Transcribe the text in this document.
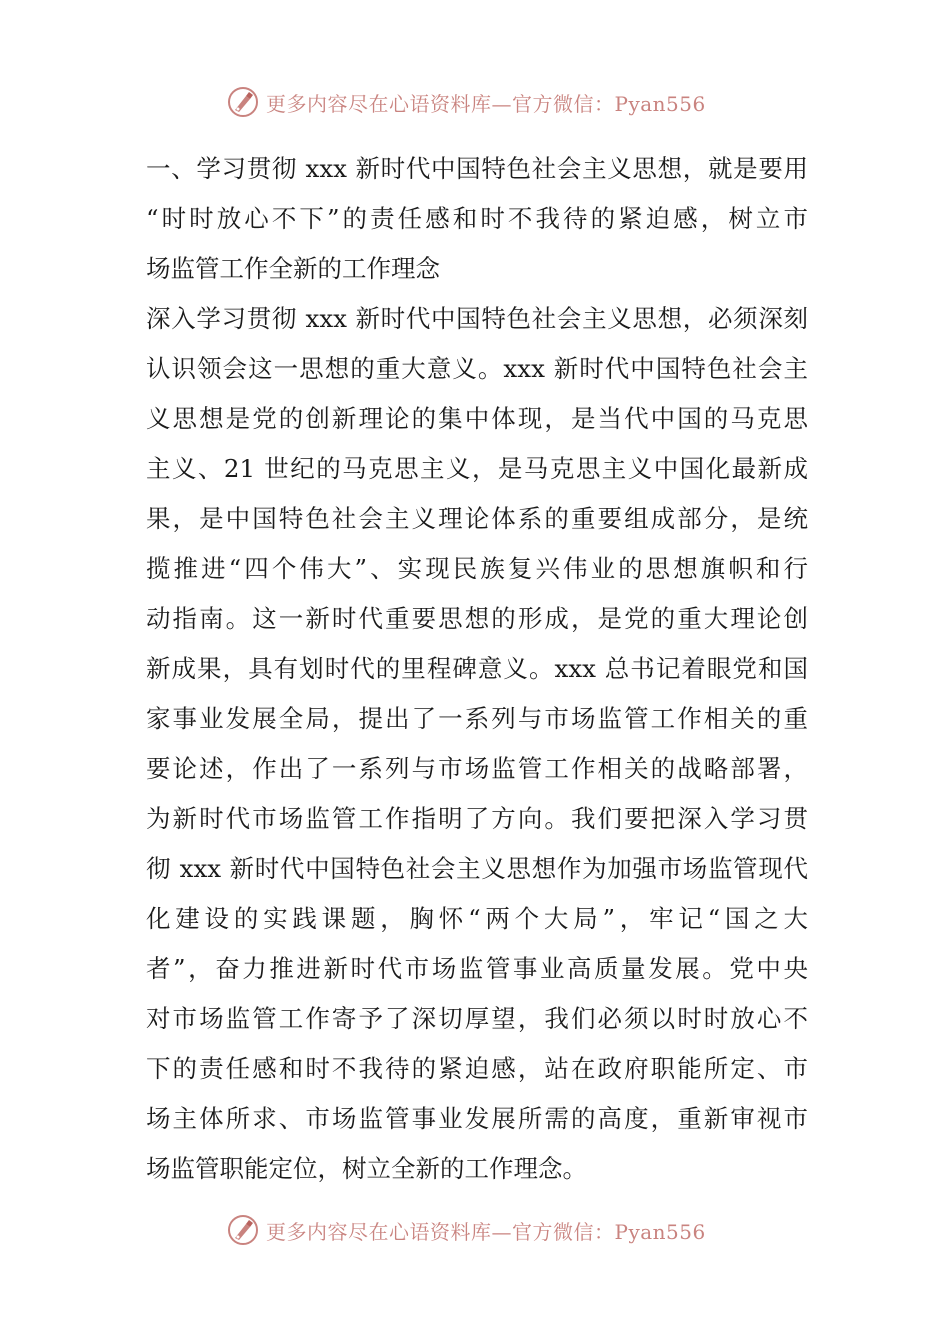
更多内容尽在心语资料库—官方微信：Pyan556
一、学习贯彻 xxx 新时代中国特色社会主义思想，就是要用
“时时放心不下”的责任感和时不我待的紧迫感，树立市
场监管工作全新的工作理念
深入学习贯彻 xxx 新时代中国特色社会主义思想，必须深刻
认识领会这一思想的重大意义。xxx 新时代中国特色社会主
义思想是党的创新理论的集中体现，是当代中国的马克思
主义、21 世纪的马克思主义，是马克思主义中国化最新成
果，是中国特色社会主义理论体系的重要组成部分，是统
揽推进“四个伟大”、实现民族复兴伟业的思想旗帜和行
动指南。这一新时代重要思想的形成，是党的重大理论创
新成果，具有划时代的里程碑意义。xxx 总书记着眼党和国
家事业发展全局，提出了一系列与市场监管工作相关的重
要论述，作出了一系列与市场监管工作相关的战略部署，
为新时代市场监管工作指明了方向。我们要把深入学习贯
彻 xxx 新时代中国特色社会主义思想作为加强市场监管现代
化建设的实践课题，胸怀“两个大局”，牢记“国之大
者”，奋力推进新时代市场监管事业高质量发展。党中央
对市场监管工作寄予了深切厚望，我们必须以时时放心不
下的责任感和时不我待的紧迫感，站在政府职能所定、市
场主体所求、市场监管事业发展所需的高度，重新审视市
场监管职能定位，树立全新的工作理念。
更多内容尽在心语资料库—官方微信：Pyan556
